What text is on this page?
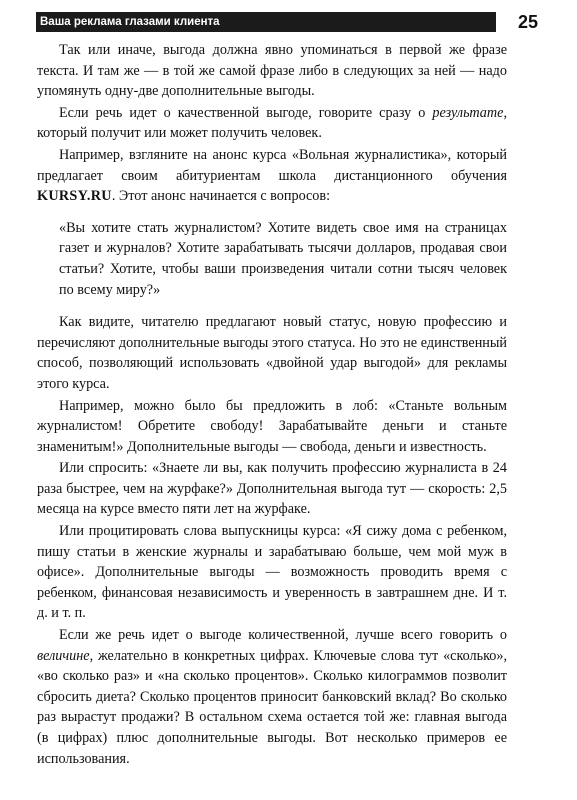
Ваша реклама глазами клиента	25

Так или иначе, выгода должна явно упоминаться в первой же фразе текста. И там же — в той же самой фразе либо в следующих за ней — надо упомянуть одну-две дополнительные выгоды.

Если речь идет о качественной выгоде, говорите сразу о результате, который получит или может получить человек.

Например, взгляните на анонс курса «Вольная журналистика», который предлагает своим абитуриентам школа дистанционного обучения KURSY.RU. Этот анонс начинается с вопросов:

«Вы хотите стать журналистом? Хотите видеть свое имя на страницах газет и журналов? Хотите зарабатывать тысячи долларов, продавая свои статьи? Хотите, чтобы ваши произведения читали сотни тысяч человек по всему миру?»

Как видите, читателю предлагают новый статус, новую профессию и перечисляют дополнительные выгоды этого статуса. Но это не единственный способ, позволяющий использовать «двойной удар выгодой» для рекламы этого курса.

Например, можно было бы предложить в лоб: «Станьте вольным журналистом! Обретите свободу! Зарабатывайте деньги и станьте знаменитым!» Дополнительные выгоды — свобода, деньги и известность.

Или спросить: «Знаете ли вы, как получить профессию журналиста в 24 раза быстрее, чем на журфаке?» Дополнительная выгода тут — скорость: 2,5 месяца на курсе вместо пяти лет на журфаке.

Или процитировать слова выпускницы курса: «Я сижу дома с ребенком, пишу статьи в женские журналы и зарабатываю больше, чем мой муж в офисе». Дополнительные выгоды — возможность проводить время с ребенком, финансовая независимость и уверенность в завтрашнем дне. И т. д. и т. п.

Если же речь идет о выгоде количественной, лучше всего говорить о величине, желательно в конкретных цифрах. Ключевые слова тут «сколько», «во сколько раз» и «на сколько процентов». Сколько килограммов позволит сбросить диета? Сколько процентов приносит банковский вклад? Во сколько раз вырастут продажи? В остальном схема остается той же: главная выгода (в цифрах) плюс дополнительные выгоды. Вот несколько примеров ее использования.
